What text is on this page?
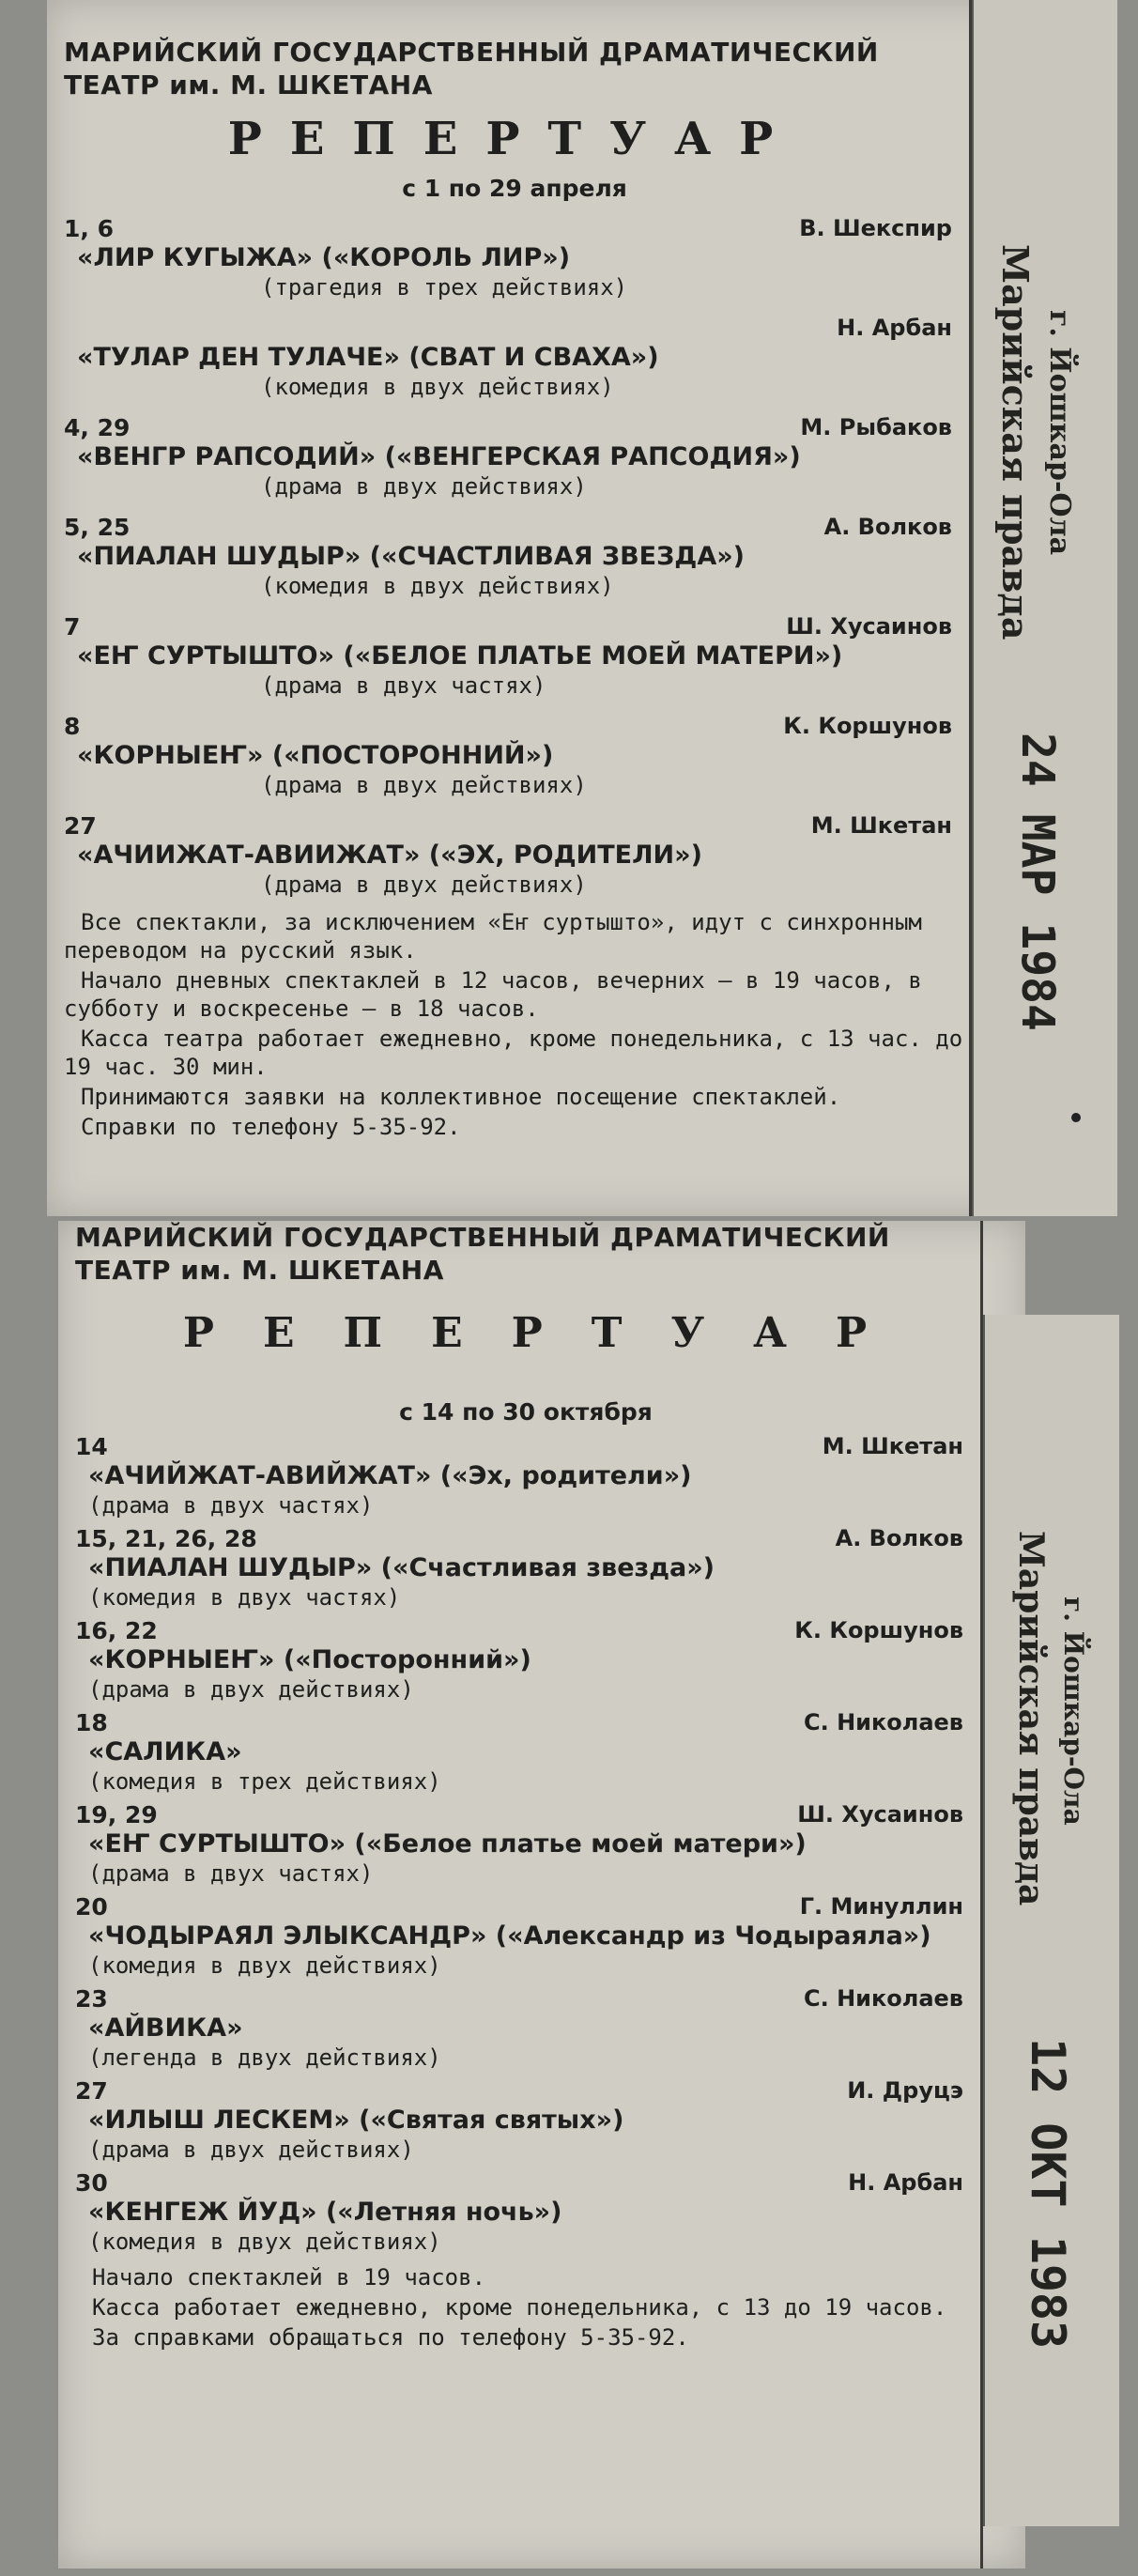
МАРИЙСКИЙ ГОСУДАРСТВЕННЫЙ ДРАМАТИЧЕСКИЙ ТЕАТР им. М. ШКЕТАНА
РЕПЕРТУАР
с 1 по 29 апреля
1, 6	В. Шекспир
«ЛИР КУГЫЖА» («КОРОЛЬ ЛИР»)
(трагедия в трех действиях)
Н. Арбан
«ТУЛАР ДЕН ТУЛАЧЕ» (СВАТ И СВАХА»)
(комедия в двух действиях)
4, 29	М. Рыбаков
«ВЕНГР РАПСОДИЙ» («ВЕНГЕРСКАЯ РАПСОДИЯ»)
(драма в двух действиях)
5, 25	А. Волков
«ПИАЛАН ШУДЫР» («СЧАСТЛИВАЯ ЗВЕЗДА»)
(комедия в двух действиях)
7	Ш. Хусаинов
«ЕҤ СУРТЫШТО» («БЕЛОЕ ПЛАТЬЕ МОЕЙ МАТЕРИ»)
(драма в двух частях)
8	К. Коршунов
«КОРНЫЕҤ» («ПОСТОРОННИЙ»)
(драма в двух действиях)
27	М. Шкетан
«АЧИИЖАТ-АВИИЖАТ» («ЭХ, РОДИТЕЛИ»)
(драма в двух действиях)
Все спектакли, за исключением «Еҥ суртышто», идут с синхронным переводом на русский язык.
Начало дневных спектаклей в 12 часов, вечерних — в 19 часов, в субботу и воскресенье — в 18 часов.
Касса театра работает ежедневно, кроме понедельника, с 13 час. до 19 час. 30 мин.
Принимаются заявки на коллективное посещение спектаклей.
Справки по телефону 5-35-92.
Марийская правда г. Йошкар-Ола
24 МАР 1984
МАРИЙСКИЙ ГОСУДАРСТВЕННЫЙ ДРАМАТИЧЕСКИЙ ТЕАТР им. М. ШКЕТАНА
РЕПЕРТУАР
с 14 по 30 октября
14	М. Шкетан
«АЧИЙЖАТ-АВИЙЖАТ» («Эх, родители»)
(драма в двух частях)
15, 21, 26, 28	А. Волков
«ПИАЛАН ШУДЫР» («Счастливая звезда»)
(комедия в двух частях)
16, 22	К. Коршунов
«КОРНЫЕҤ» («Посторонний»)
(драма в двух действиях)
18	С. Николаев
«САЛИКА»
(комедия в трех действиях)
19, 29	Ш. Хусаинов
«ЕҤ СУРТЫШТО» («Белое платье моей матери»)
(драма в двух частях)
20	Г. Минуллин
«ЧОДЫРАЯЛ ЭЛЫКСАНДР» («Александр из Чодыраяла»)
(комедия в двух действиях)
23	С. Николаев
«АЙВИКА»
(легенда в двух действиях)
27	И. Друцэ
«ИЛЫШ ЛЕСКЕМ» («Святая святых»)
(драма в двух действиях)
30	Н. Арбан
«КЕНГЕЖ ЙУД» («Летняя ночь»)
(комедия в двух действиях)
Начало спектаклей в 19 часов.
Касса работает ежедневно, кроме понедельника, с 13 до 19 часов.
За справками обращаться по телефону 5-35-92.
Марийская правда г. Йошкар-Ола
12 ОКТ 1983
